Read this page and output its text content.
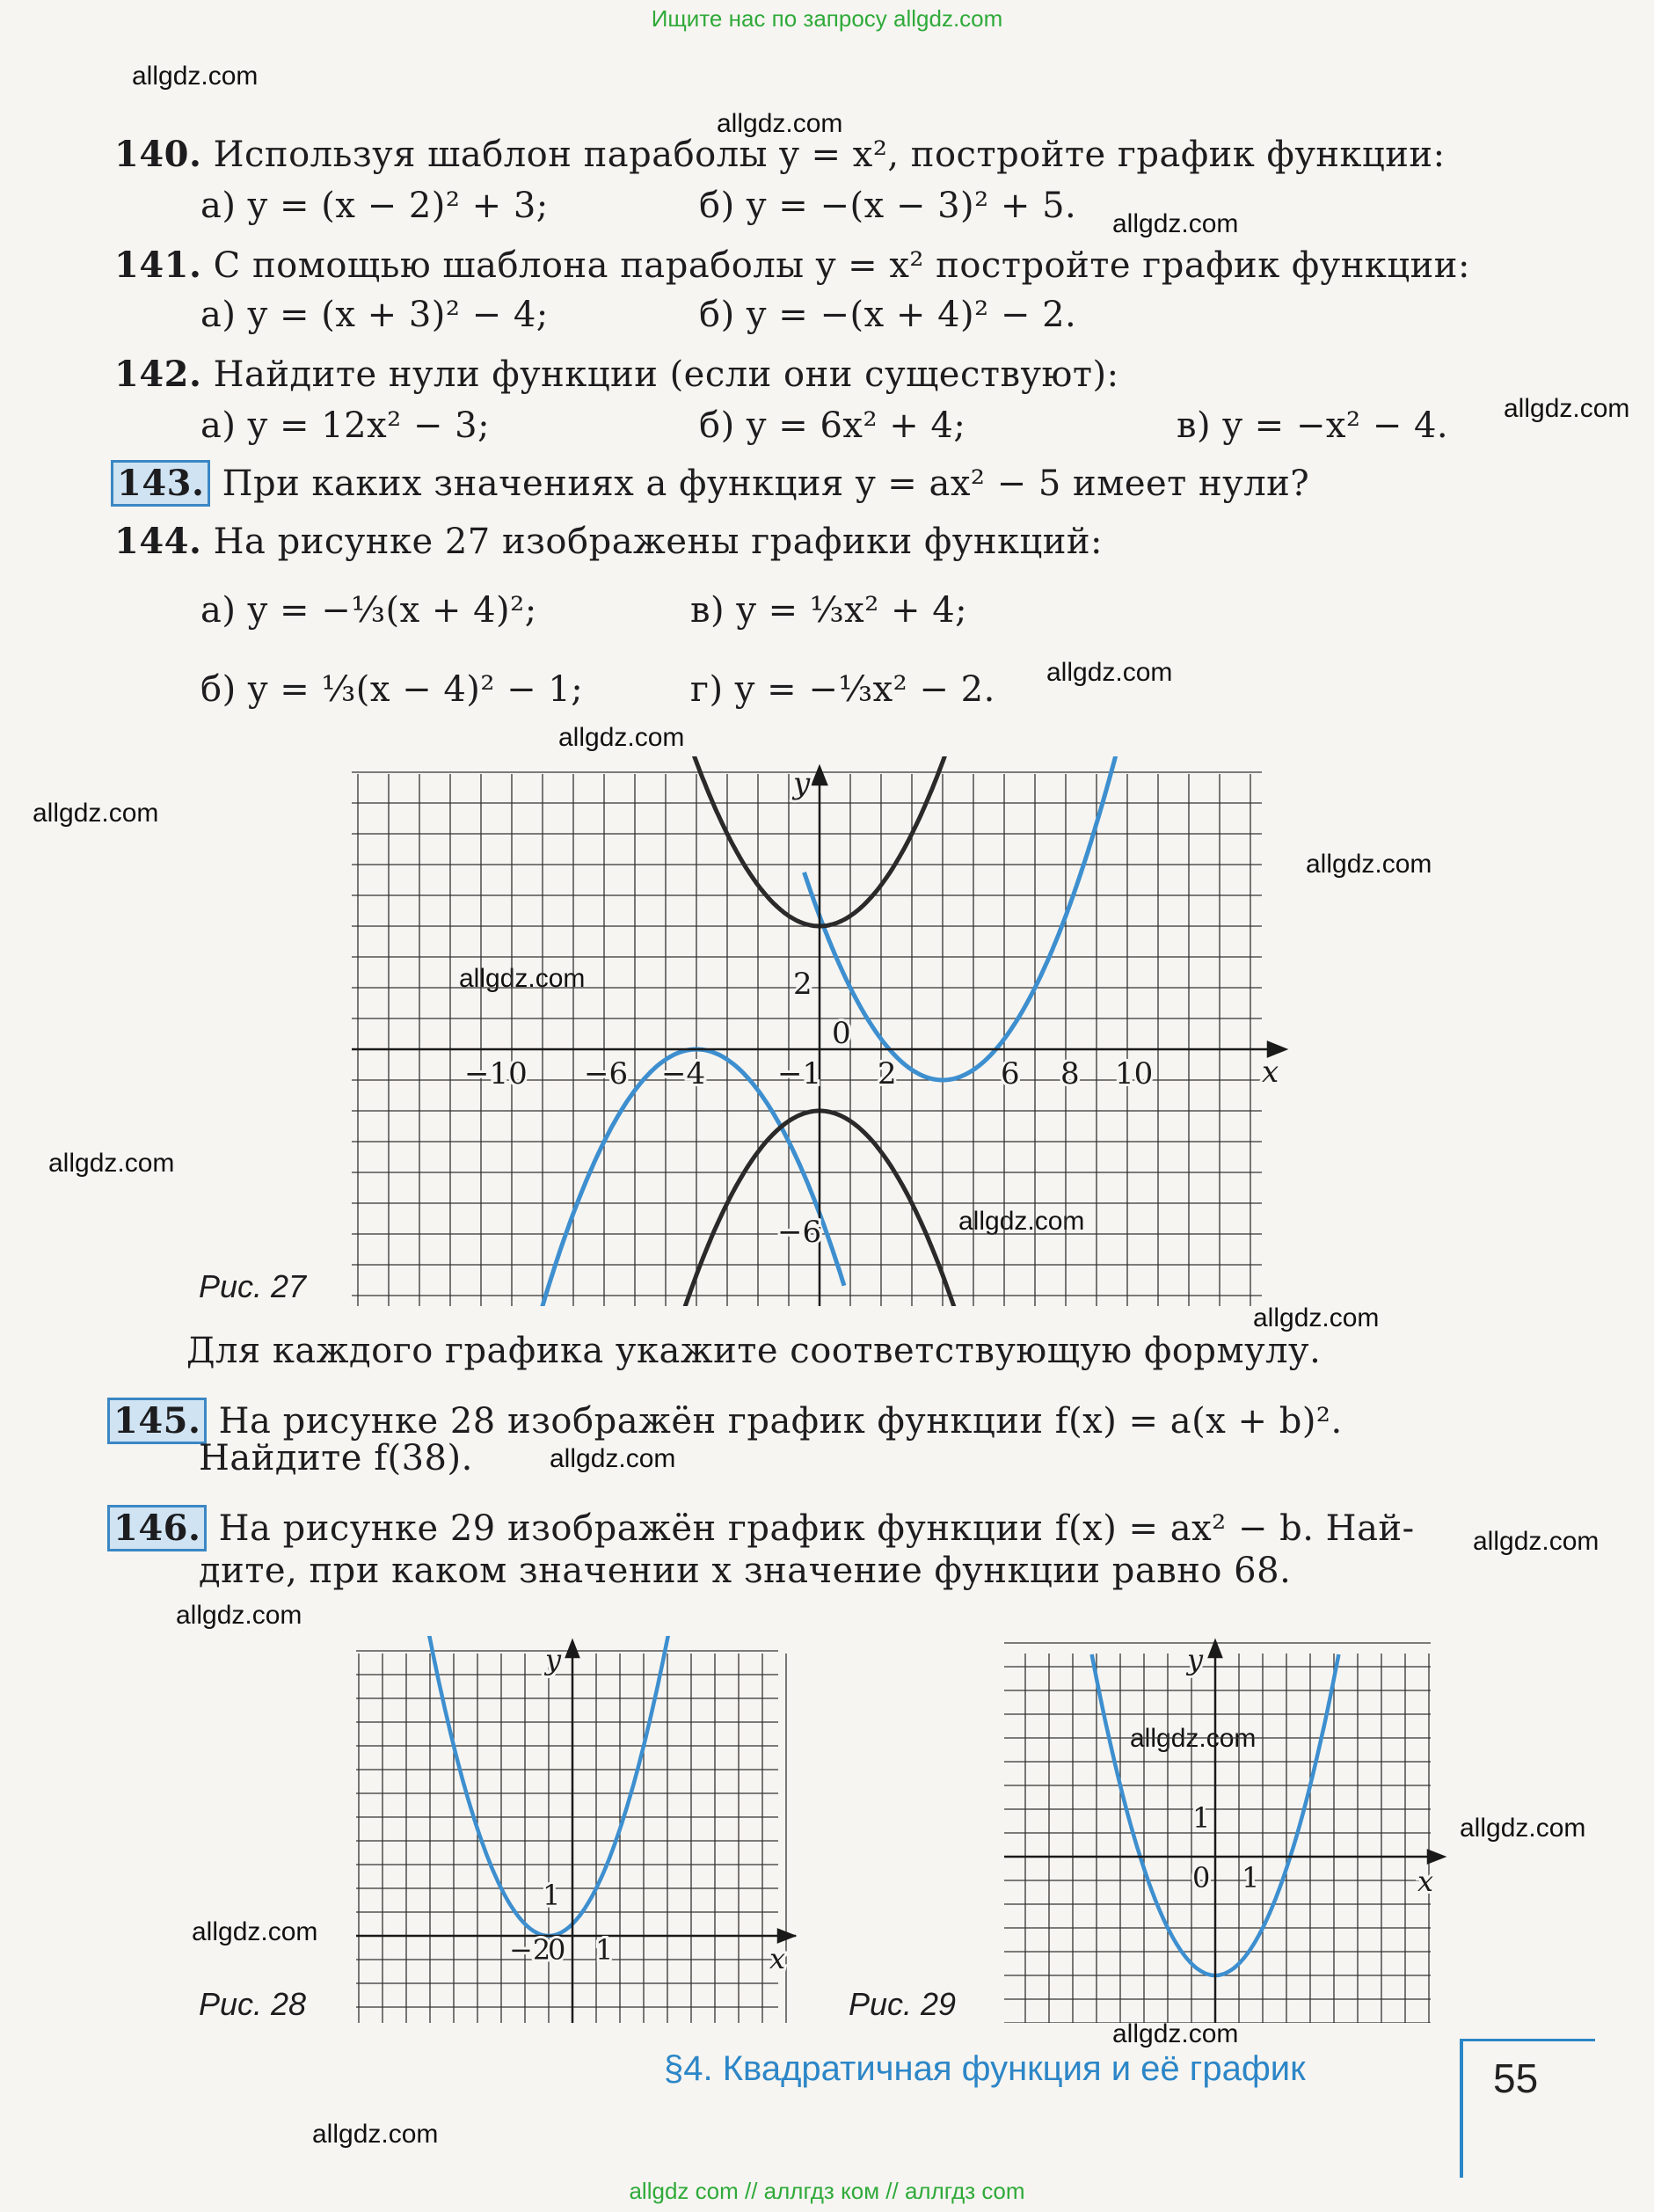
Ищите нас по запросу allgdz.com
allgdz.com
allgdz.com
allgdz.com
allgdz.com
allgdz.com
allgdz.com
allgdz.com
allgdz.com
allgdz.com
allgdz.com
allgdz.com
allgdz.com
allgdz.com
allgdz.com
allgdz.com
allgdz.com
allgdz.com
allgdz.com
allgdz.com
allgdz.com
140. Используя шаблон параболы y = x², постройте график функции:
а) y = (x − 2)² + 3;	б) y = −(x − 3)² + 5.
141. С помощью шаблона параболы y = x² постройте график функции:
а) y = (x + 3)² − 4;	б) y = −(x + 4)² − 2.
142. Найдите нули функции (если они существуют):
а) y = 12x² − 3;	б) y = 6x² + 4;	в) y = −x² − 4.
143. При каких значениях a функция y = ax² − 5 имеет нули?
144. На рисунке 27 изображены графики функций:
а) y = −⅓(x + 4)²;	в) y = ⅓x² + 4;
б) y = ⅓(x − 4)² − 1;	г) y = −⅓x² − 2.
x
y
−10 −6 −4 −1 2	6 8 10
2
0
−6
Рис. 27
Для каждого графика укажите соответствующую формулу.
145. На рисунке 28 изображён график функции f(x) = a(x + b)².
Найдите f(38).
146. На рисунке 29 изображён график функции f(x) = ax² − b. Най-
дите, при каком значении x значение функции равно 68.
x
y
−2
0 1
1
Рис. 28
x
y
0 1
1
Рис. 29
§4. Квадратичная функция и её график	55
allgdz com // аллгдз ком // аллгдз com
